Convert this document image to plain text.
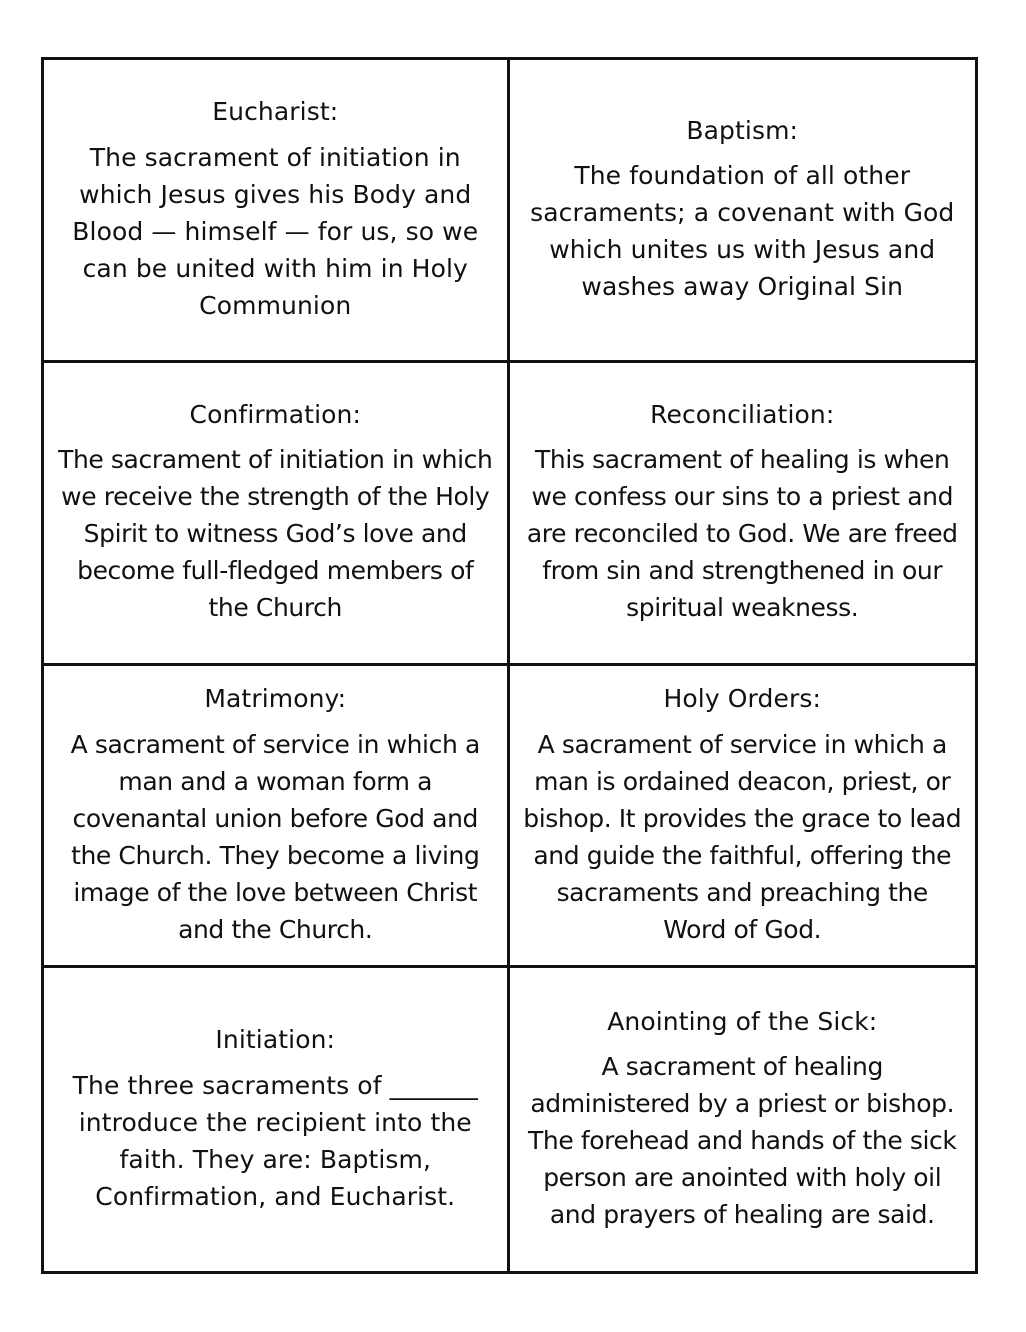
Eucharist:

The sacrament of initiation in which Jesus gives his Body and Blood — himself — for us, so we can be united with him in Holy Communion

Baptism:

The foundation of all other sacraments; a covenant with God which unites us with Jesus and washes away Original Sin

Confirmation:

The sacrament of initiation in which we receive the strength of the Holy Spirit to witness God’s love and become full-fledged members of the Church

Reconciliation:

This sacrament of healing is when we confess our sins to a priest and are reconciled to God. We are freed from sin and strengthened in our spiritual weakness.

Matrimony:

A sacrament of service in which a man and a woman form a covenantal union before God and the Church. They become a living image of the love between Christ and the Church.

Holy Orders:

A sacrament of service in which a man is ordained deacon, priest, or bishop. It provides the grace to lead and guide the faithful, offering the sacraments and preaching the Word of God.

Initiation:

The three sacraments of _______ introduce the recipient into the faith. They are: Baptism, Confirmation, and Eucharist.

Anointing of the Sick:

A sacrament of healing administered by a priest or bishop. The forehead and hands of the sick person are anointed with holy oil and prayers of healing are said.
